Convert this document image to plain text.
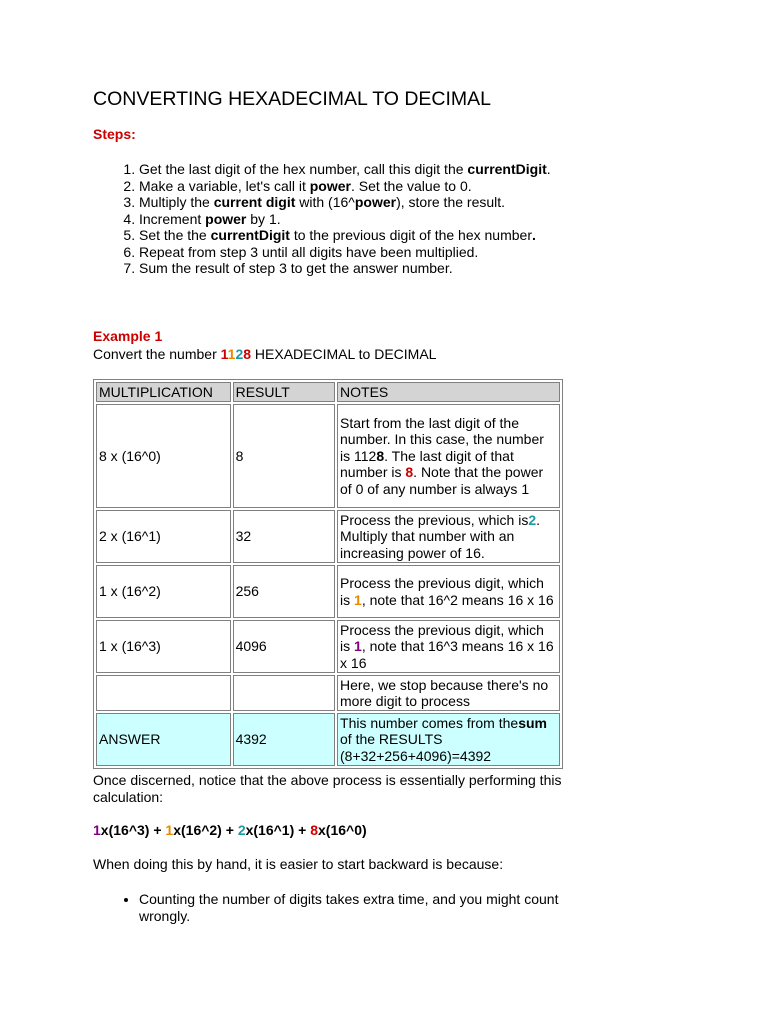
CONVERTING HEXADECIMAL TO DECIMAL
Steps:
1. Get the last digit of the hex number, call this digit the currentDigit.
2. Make a variable, let's call it power. Set the value to 0.
3. Multiply the current digit with (16^power), store the result.
4. Increment power by 1.
5. Set the the currentDigit to the previous digit of the hex number.
6. Repeat from step 3 until all digits have been multiplied.
7. Sum the result of step 3 to get the answer number.
Example 1
Convert the number 1128 HEXADECIMAL to DECIMAL
MULTIPLICATION	RESULT	NOTES
8 x (16^0)	8	Start from the last digit of the number. In this case, the number is 1128. The last digit of that number is 8. Note that the power of 0 of any number is always 1
2 x (16^1)	32	Process the previous, which is2. Multiply that number with an increasing power of 16.
1 x (16^2)	256	Process the previous digit, which is 1, note that 16^2 means 16 x 16
1 x (16^3)	4096	Process the previous digit, which is 1, note that 16^3 means 16 x 16 x 16
		Here, we stop because there's no more digit to process
ANSWER	4392	This number comes from thesum of the RESULTS (8+32+256+4096)=4392
Once discerned, notice that the above process is essentially performing this calculation:
1x(16^3) + 1x(16^2) + 2x(16^1) + 8x(16^0)
When doing this by hand, it is easier to start backward is because:
• Counting the number of digits takes extra time, and you might count wrongly.
